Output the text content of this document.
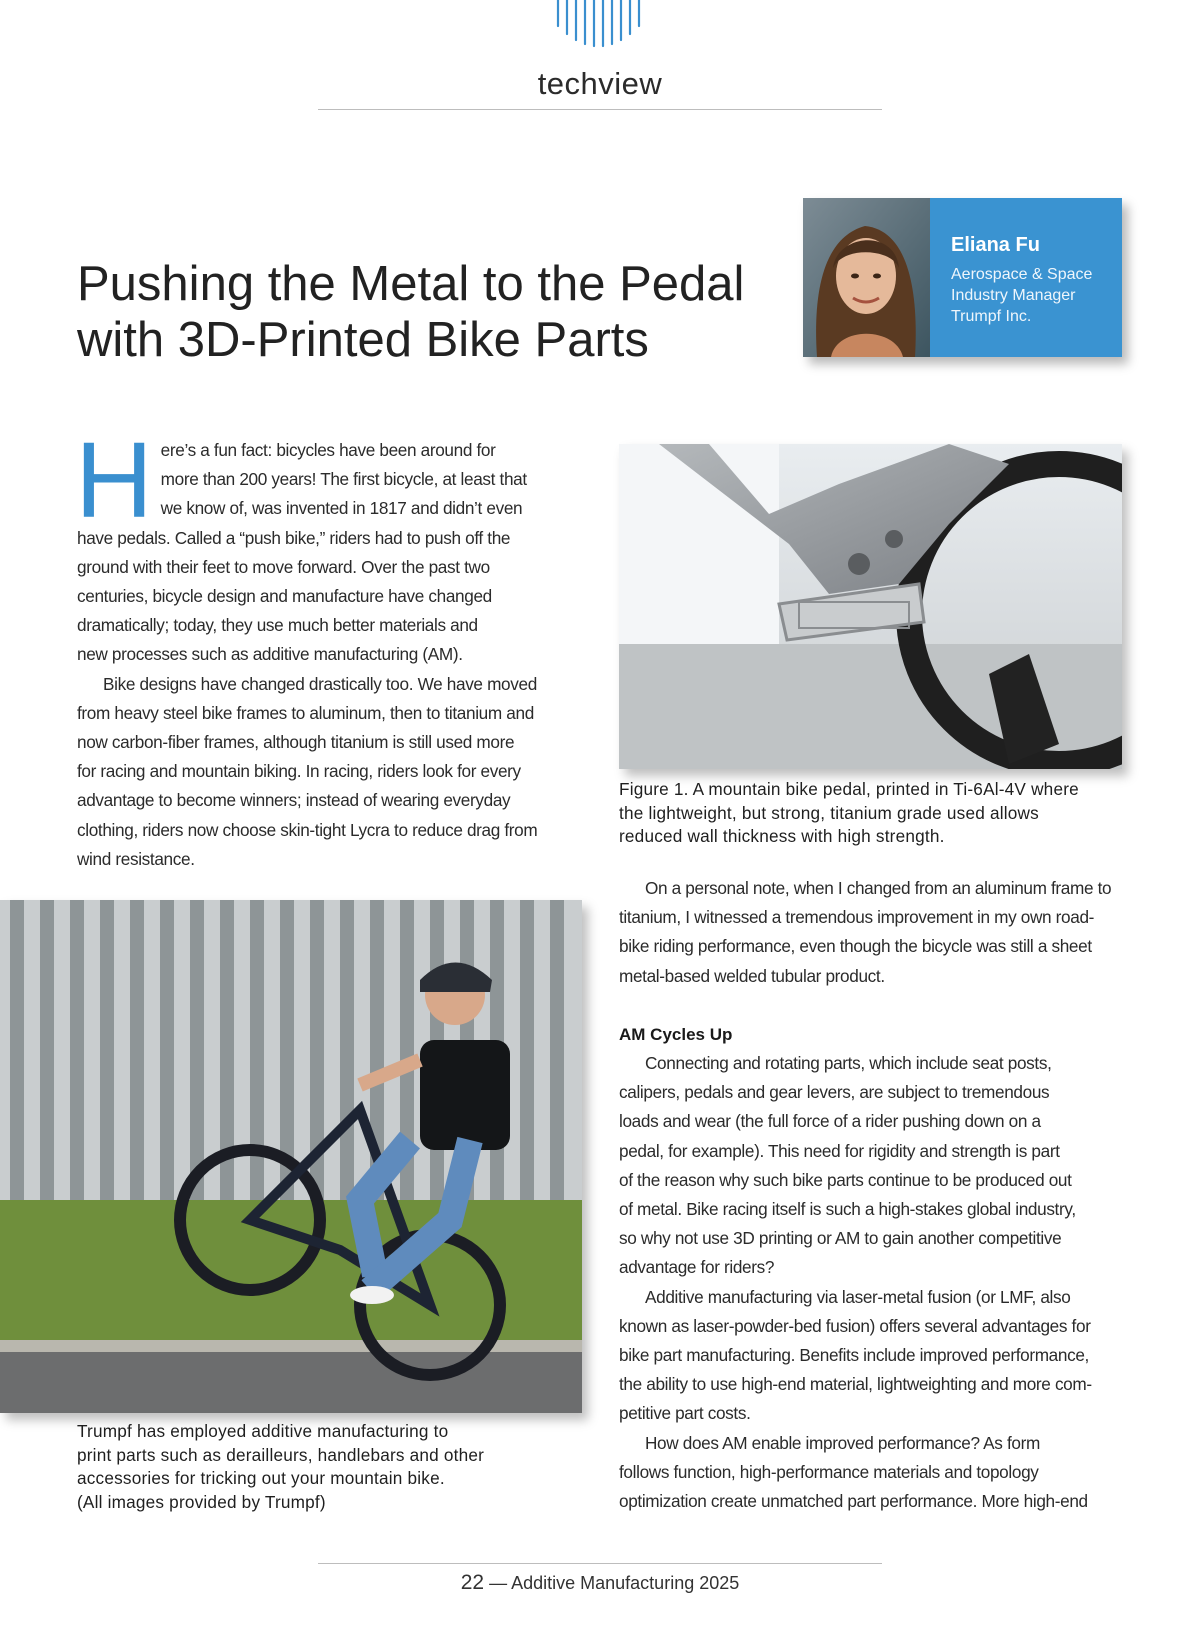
techview
Pushing the Metal to the Pedal
with 3D-Printed Bike Parts
Eliana Fu
Aerospace & Space
Industry Manager
Trumpf Inc.

H ere’s a fun fact: bicycles have been around for
more than 200 years! The first bicycle, at least that
we know of, was invented in 1817 and didn’t even
have pedals. Called a “push bike,” riders had to push off the
ground with their feet to move forward. Over the past two
centuries, bicycle design and manufacture have changed
dramatically; today, they use much better materials and
new processes such as additive manufacturing (AM).

Bike designs have changed drastically too. We have moved
from heavy steel bike frames to aluminum, then to titanium and
now carbon-fiber frames, although titanium is still used more
for racing and mountain biking. In racing, riders look for every
advantage to become winners; instead of wearing everyday
clothing, riders now choose skin-tight Lycra to reduce drag from
wind resistance.

Figure 1. A mountain bike pedal, printed in Ti-6Al-4V where
the lightweight, but strong, titanium grade used allows
reduced wall thickness with high strength.
Trumpf has employed additive manufacturing to
print parts such as derailleurs, handlebars and other
accessories for tricking out your mountain bike.
(All images provided by Trumpf)

On a personal note, when I changed from an aluminum frame to
titanium, I witnessed a tremendous improvement in my own road-
bike riding performance, even though the bicycle was still a sheet
metal-based welded tubular product.

AM Cycles Up

Connecting and rotating parts, which include seat posts,
calipers, pedals and gear levers, are subject to tremendous
loads and wear (the full force of a rider pushing down on a
pedal, for example). This need for rigidity and strength is part
of the reason why such bike parts continue to be produced out
of metal. Bike racing itself is such a high-stakes global industry,
so why not use 3D printing or AM to gain another competitive
advantage for riders?

Additive manufacturing via laser-metal fusion (or LMF, also
known as laser-powder-bed fusion) offers several advantages for
bike part manufacturing. Benefits include improved performance,
the ability to use high-end material, lightweighting and more com-
petitive part costs.

How does AM enable improved performance? As form
follows function, high-performance materials and topology
optimization create unmatched part performance. More high-end

22 — Additive Manufacturing 2025
